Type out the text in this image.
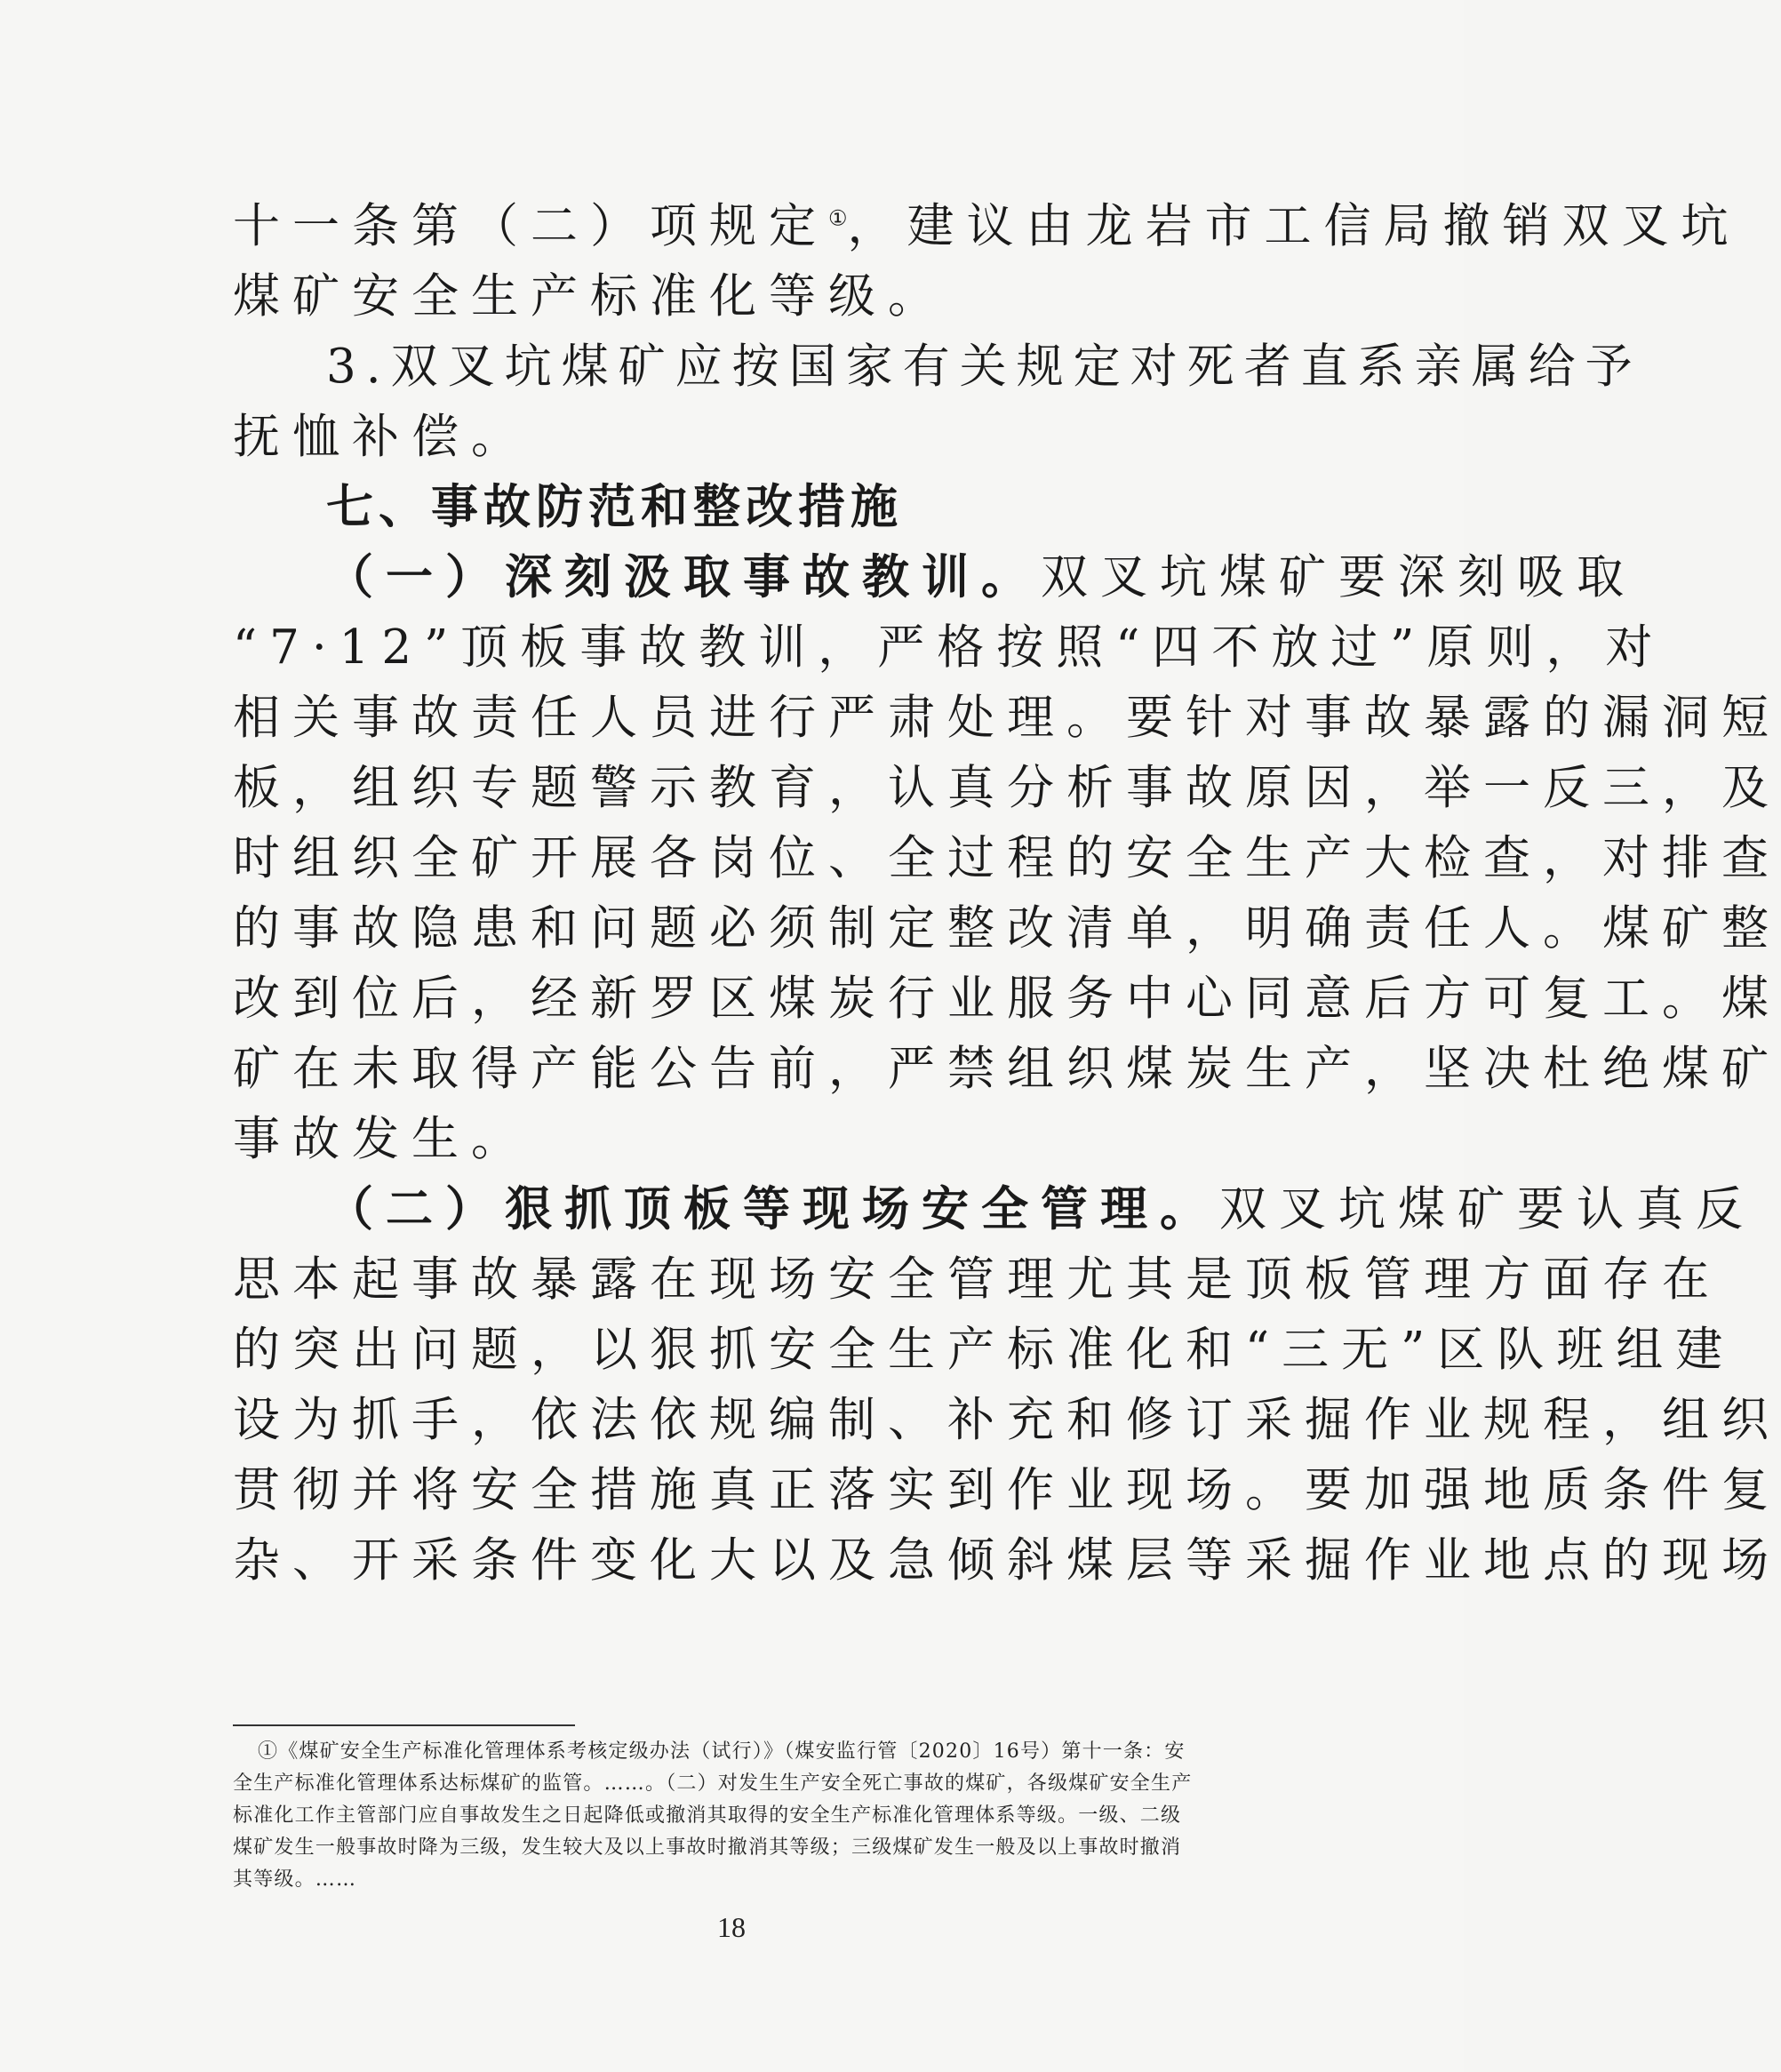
十一条第（二）项规定①，建议由龙岩市工信局撤销双叉坑

煤矿安全生产标准化等级。

3.双叉坑煤矿应按国家有关规定对死者直系亲属给予

抚恤补偿。

七、事故防范和整改措施

（一）深刻汲取事故教训。双叉坑煤矿要深刻吸取

“7·12”顶板事故教训，严格按照“四不放过”原则，对

相关事故责任人员进行严肃处理。要针对事故暴露的漏洞短

板，组织专题警示教育，认真分析事故原因，举一反三，及

时组织全矿开展各岗位、全过程的安全生产大检查，对排查

的事故隐患和问题必须制定整改清单，明确责任人。煤矿整

改到位后，经新罗区煤炭行业服务中心同意后方可复工。煤

矿在未取得产能公告前，严禁组织煤炭生产，坚决杜绝煤矿

事故发生。

（二）狠抓顶板等现场安全管理。双叉坑煤矿要认真反

思本起事故暴露在现场安全管理尤其是顶板管理方面存在

的突出问题，以狠抓安全生产标准化和“三无”区队班组建

设为抓手，依法依规编制、补充和修订采掘作业规程，组织

贯彻并将安全措施真正落实到作业现场。要加强地质条件复

杂、开采条件变化大以及急倾斜煤层等采掘作业地点的现场

①《煤矿安全生产标准化管理体系考核定级办法（试行）》（煤安监行管〔2020〕16号）第十一条：安

全生产标准化管理体系达标煤矿的监管。……。（二）对发生生产安全死亡事故的煤矿，各级煤矿安全生产

标准化工作主管部门应自事故发生之日起降低或撤消其取得的安全生产标准化管理体系等级。一级、二级

煤矿发生一般事故时降为三级，发生较大及以上事故时撤消其等级；三级煤矿发生一般及以上事故时撤消

其等级。……

18
